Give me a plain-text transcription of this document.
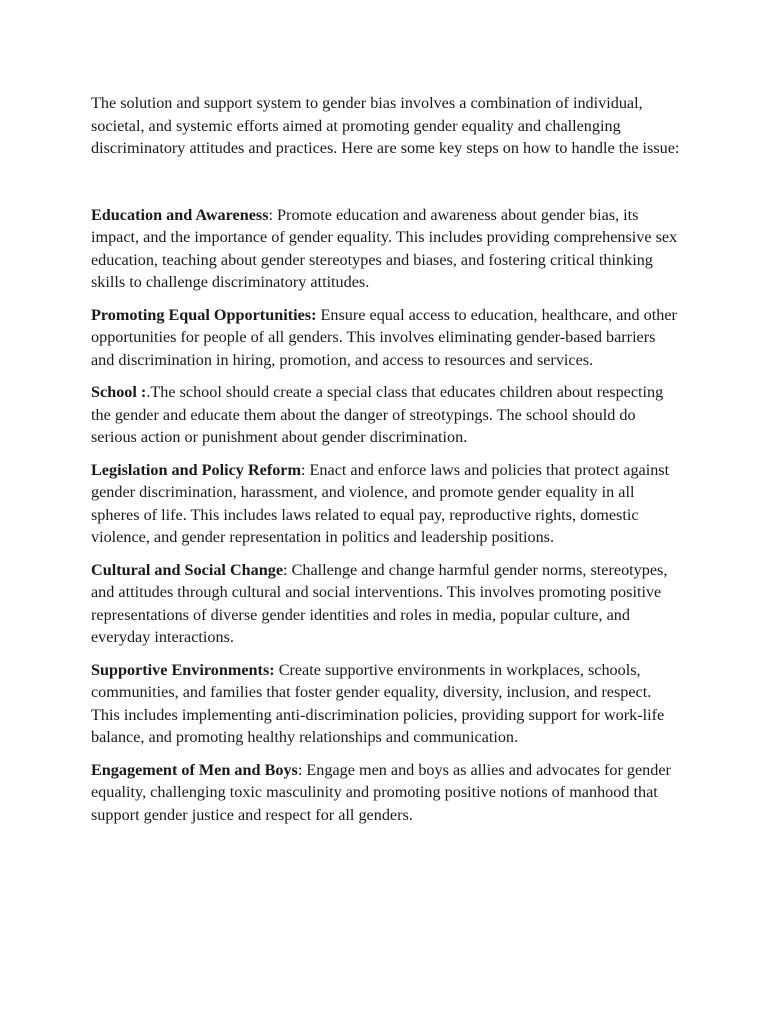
The solution and support system to gender bias involves a combination of individual, societal, and systemic efforts aimed at promoting gender equality and challenging discriminatory attitudes and practices. Here are some key steps on how to handle the issue:

Education and Awareness: Promote education and awareness about gender bias, its impact, and the importance of gender equality. This includes providing comprehensive sex education, teaching about gender stereotypes and biases, and fostering critical thinking skills to challenge discriminatory attitudes.

Promoting Equal Opportunities: Ensure equal access to education, healthcare, and other opportunities for people of all genders. This involves eliminating gender-based barriers and discrimination in hiring, promotion, and access to resources and services.

School :.The school should create a special class that educates children about respecting the gender and educate them about the danger of streotypings. The school should do serious action or punishment about gender discrimination.

Legislation and Policy Reform: Enact and enforce laws and policies that protect against gender discrimination, harassment, and violence, and promote gender equality in all spheres of life. This includes laws related to equal pay, reproductive rights, domestic violence, and gender representation in politics and leadership positions.

Cultural and Social Change: Challenge and change harmful gender norms, stereotypes, and attitudes through cultural and social interventions. This involves promoting positive representations of diverse gender identities and roles in media, popular culture, and everyday interactions.

Supportive Environments: Create supportive environments in workplaces, schools, communities, and families that foster gender equality, diversity, inclusion, and respect. This includes implementing anti-discrimination policies, providing support for work-life balance, and promoting healthy relationships and communication.

Engagement of Men and Boys: Engage men and boys as allies and advocates for gender equality, challenging toxic masculinity and promoting positive notions of manhood that support gender justice and respect for all genders.
